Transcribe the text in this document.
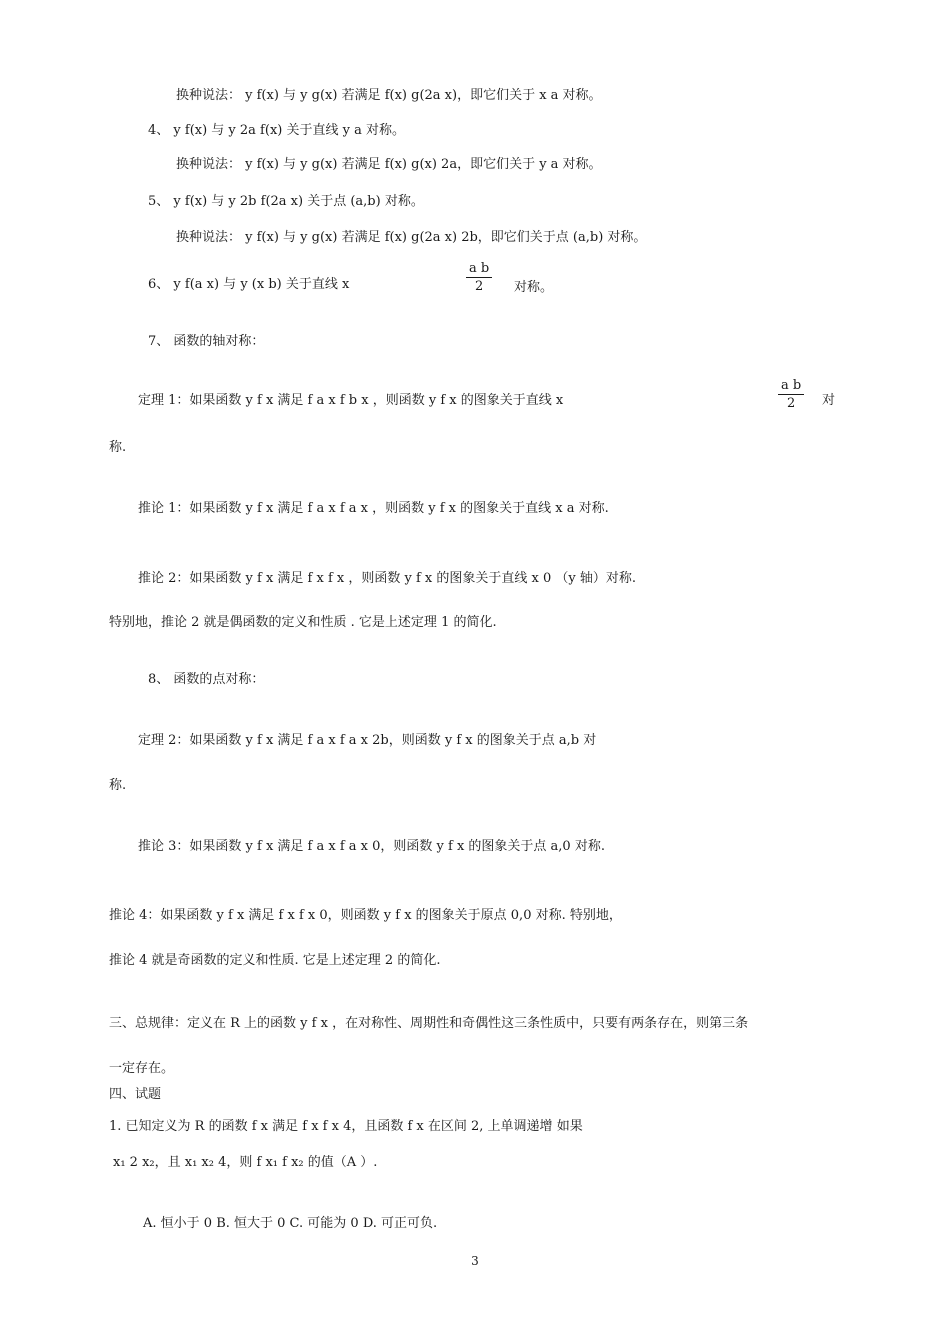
换种说法： y f(x) 与 y g(x) 若满足 f(x) g(2a x)，即它们关于 x a 对称。
4、 y f(x) 与 y 2a f(x) 关于直线 y a 对称。
换种说法： y f(x) 与 y g(x) 若满足 f(x) g(x) 2a，即它们关于 y a 对称。
5、 y f(x) 与 y 2b f(2a x) 关于点 (a,b) 对称。
换种说法： y f(x) 与 y g(x) 若满足 f(x) g(2a x) 2b，即它们关于点 (a,b) 对称。
6、 y f(a x) 与 y (x b) 关于直线 x	$\frac{\text{a b}}{2}$ 对称。
7、 函数的轴对称：
定理 1：如果函数 y f x 满足 f a x f b x ，则函数 y f x 的图象关于直线 x	$\frac{\text{a b}}{2}$ 对
称.
推论 1：如果函数 y f x 满足 f a x f a x ，则函数 y f x 的图象关于直线 x a 对称.
推论 2：如果函数 y f x 满足 f x f x ，则函数 y f x 的图象关于直线 x 0 （y 轴）对称.
特别地，推论 2 就是偶函数的定义和性质 . 它是上述定理 1 的简化.
8、 函数的点对称：
定理 2：如果函数 y f x 满足 f a x f a x 2b，则函数 y f x 的图象关于点 a,b 对
称.
推论 3：如果函数 y f x 满足 f a x f a x 0，则函数 y f x 的图象关于点 a,0 对称.
推论 4：如果函数 y f x 满足 f x f x 0，则函数 y f x 的图象关于原点 0,0 对称. 特别地，
推论 4 就是奇函数的定义和性质. 它是上述定理 2 的简化.
三、总规律：定义在 R 上的函数 y f x ，在对称性、周期性和奇偶性这三条性质中，只要有两条存在，则第三条
一定存在。
四、试题
1. 已知定义为 R 的函数 f x 满足 f x f x 4，且函数 f x 在区间 2, 上单调递增 如果
x₁ 2 x₂，且 x₁ x₂ 4，则 f x₁ f x₂ 的值（A ）.
A. 恒小于 0 B. 恒大于 0 C. 可能为 0 D. 可正可负.
3
